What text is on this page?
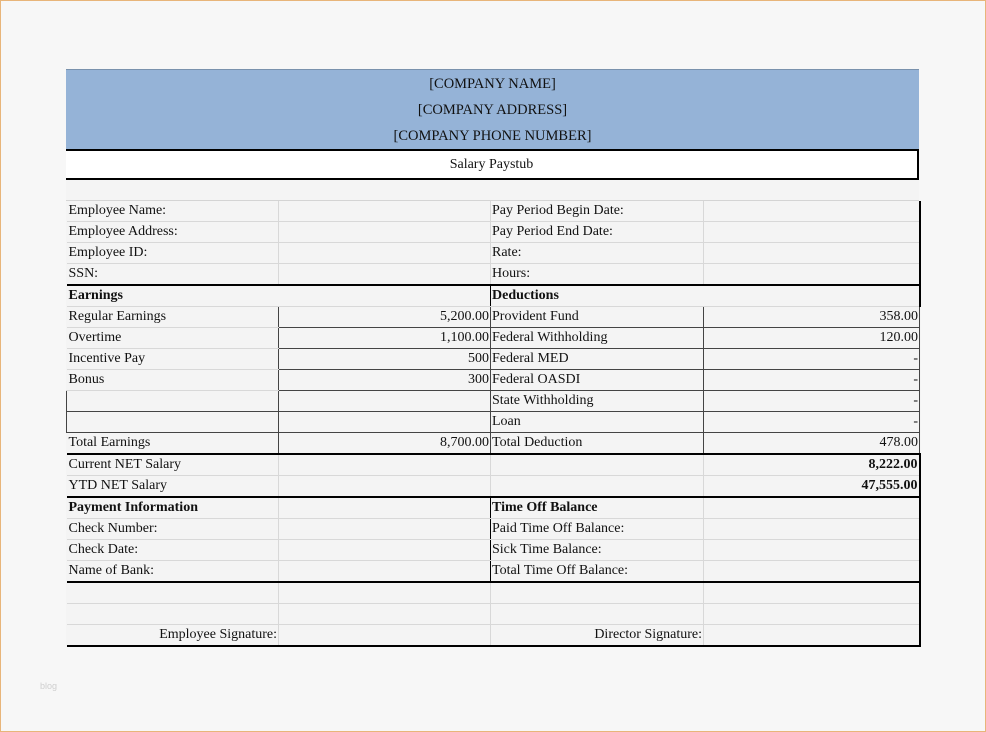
[COMPANY NAME]
[COMPANY ADDRESS]
[COMPANY PHONE NUMBER]
Salary Paystub
Employee Name:		Pay Period Begin Date:	
Employee Address:		Pay Period End Date:	
Employee ID:		Rate:	
SSN:		Hours:	
Earnings		Deductions	
Regular Earnings	5,200.00	Provident Fund	358.00
Overtime	1,100.00	Federal Withholding	120.00
Incentive Pay	500	Federal MED	-
Bonus	300	Federal OASDI	-
		State Withholding	-
		Loan	-
Total Earnings	8,700.00	Total Deduction	478.00
Current NET Salary			8,222.00
YTD NET Salary			47,555.00
Payment Information		Time Off Balance	
Check Number:		Paid Time Off Balance:	
Check Date:		Sick Time Balance:	
Name of Bank:		Total Time Off Balance:	

Employee Signature:		Director Signature:	
blog
